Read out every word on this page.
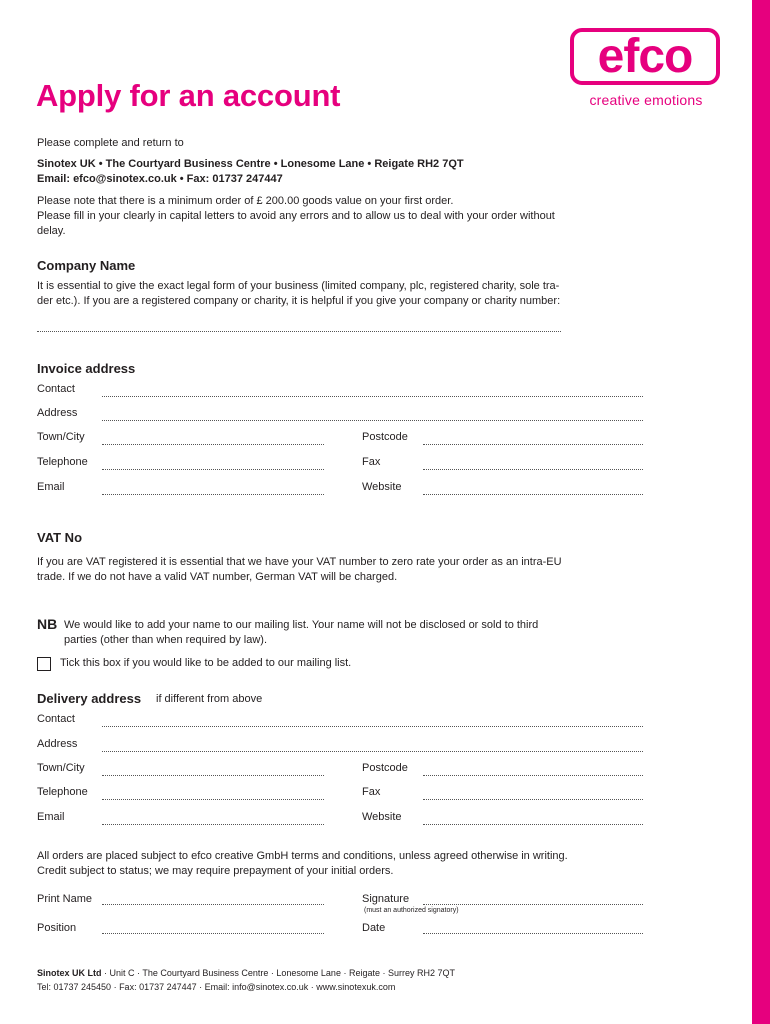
efco
creative emotions
Apply for an account
Please complete and return to
Sinotex UK • The Courtyard Business Centre • Lonesome Lane • Reigate RH2 7QT
Email: efco@sinotex.co.uk • Fax: 01737 247447
Please note that there is a minimum order of £ 200.00 goods value on your first order.
Please fill in your clearly in capital letters to avoid any errors and to allow us to deal with your order without
delay.
Company Name
It is essential to give the exact legal form of your business (limited company, plc, registered charity, sole tra-
der etc.). If you are a registered company or charity, it is helpful if you give your company or charity number:
Invoice address
Contact
Address
Town/City	Postcode
Telephone	Fax
Email	Website
VAT No
If you are VAT registered it is essential that we have your VAT number to zero rate your order as an intra-EU
trade. If we do not have a valid VAT number, German VAT will be charged.
NB We would like to add your name to our mailing list. Your name will not be disclosed or sold to third
parties (other than when required by law).
Tick this box if you would like to be added to our mailing list.
Delivery address if different from above
Contact
Address
Town/City	Postcode
Telephone	Fax
Email	Website
All orders are placed subject to efco creative GmbH terms and conditions, unless agreed otherwise in writing.
Credit subject to status; we may require prepayment of your initial orders.
Print Name	Signature
(must an authorized signatory)
Position	Date
Sinotex UK Ltd · Unit C · The Courtyard Business Centre · Lonesome Lane · Reigate · Surrey RH2 7QT
Tel: 01737 245450 · Fax: 01737 247447 · Email: info@sinotex.co.uk · www.sinotexuk.com
